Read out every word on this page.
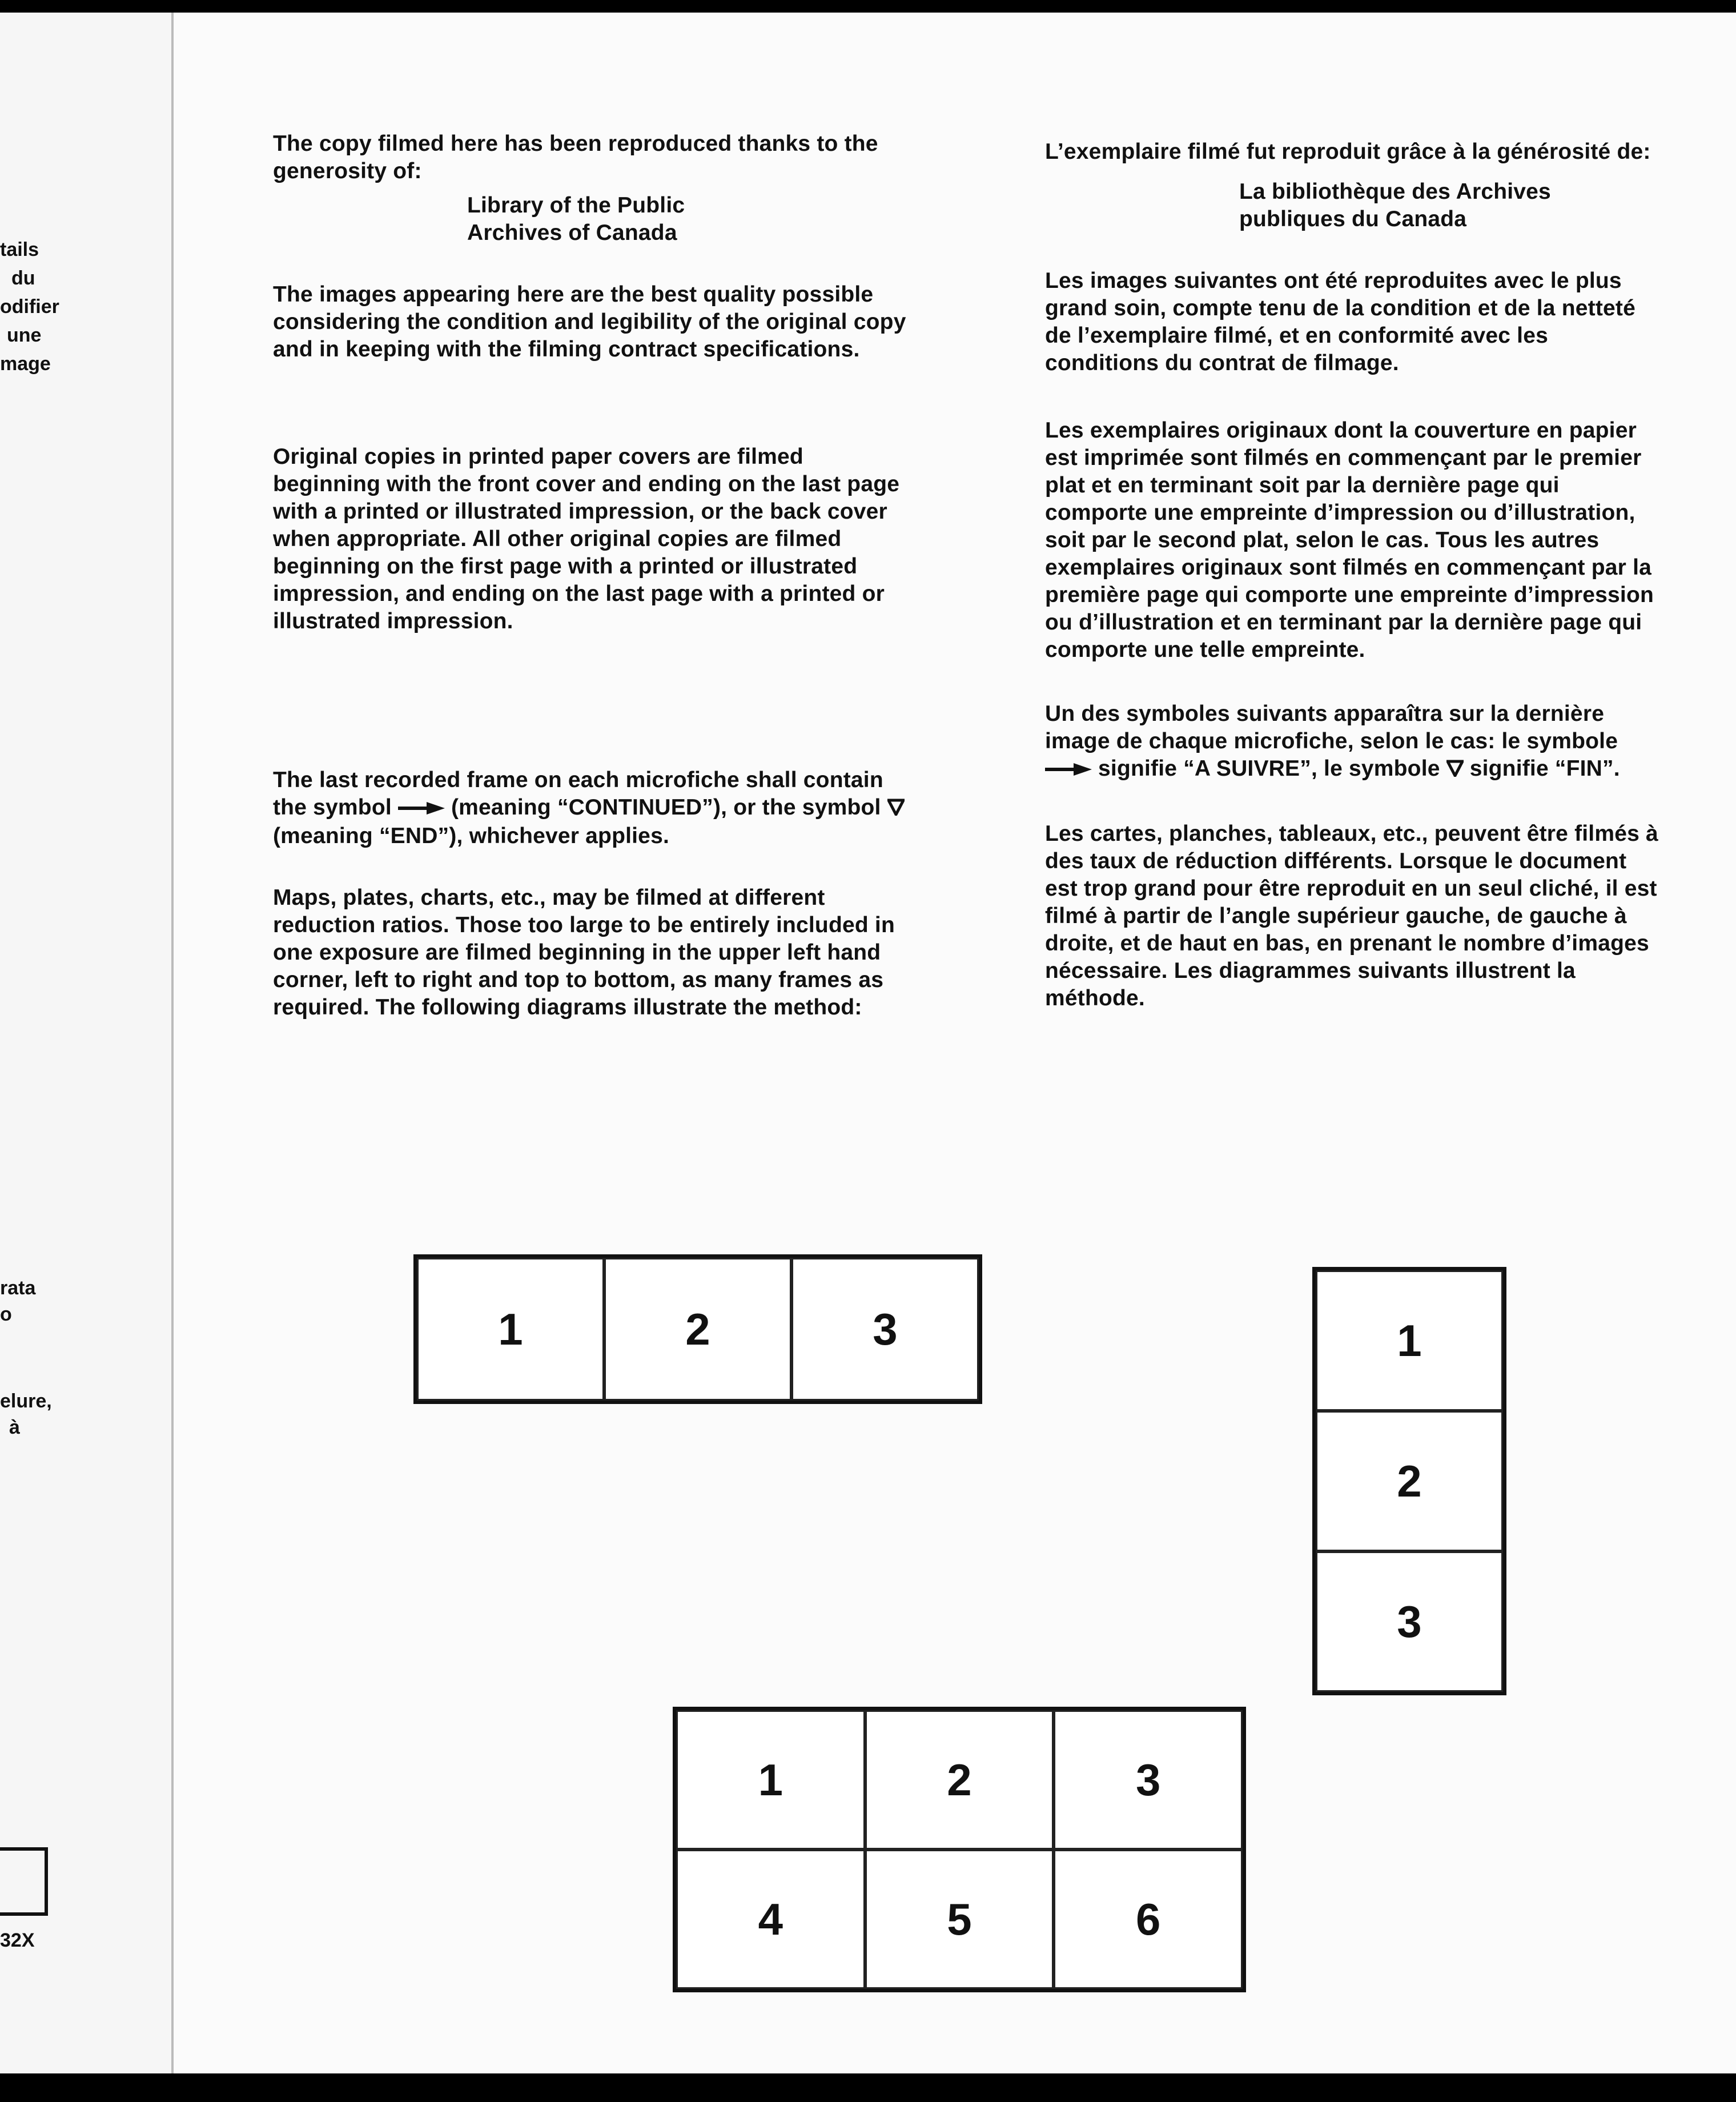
tails
du
odifier
une
mage
rata
o
elure,
à
32X

The copy filmed here has been reproduced thanks to the generosity of:

Library of the Public

Archives of Canada

The images appearing here are the best quality possible considering the condition and legibility of the original copy and in keeping with the filming contract specifications.

Original copies in printed paper covers are filmed beginning with the front cover and ending on the last page with a printed or illustrated impression, or the back cover when appropriate. All other original copies are filmed beginning on the first page with a printed or illustrated impression, and ending on the last page with a printed or illustrated impression.

The last recorded frame on each microfiche shall contain the symbol	(meaning “CONTINUED”), or the symbol  (meaning “END”), whichever applies.

Maps, plates, charts, etc., may be filmed at different reduction ratios. Those too large to be entirely included in one exposure are filmed beginning in the upper left hand corner, left to right and top to bottom, as many frames as required. The following diagrams illustrate the method:

L’exemplaire filmé fut reproduit grâce à la générosité de:

La bibliothèque des Archives

publiques du Canada

Les images suivantes ont été reproduites avec le plus grand soin, compte tenu de la condition et de la netteté de l’exemplaire filmé, et en conformité avec les conditions du contrat de filmage.

Les exemplaires originaux dont la couverture en papier est imprimée sont filmés en commençant par le premier plat et en terminant soit par la dernière page qui comporte une empreinte d’impression ou d’illustration, soit par le second plat, selon le cas. Tous les autres exemplaires originaux sont filmés en commençant par la première page qui comporte une empreinte d’impression ou d’illustration et en terminant par la dernière page qui comporte une telle empreinte.

Un des symboles suivants apparaîtra sur la dernière image de chaque microfiche, selon le cas: le symbole  signifie “A SUIVRE”, le symbole signifie “FIN”.

Les cartes, planches, tableaux, etc., peuvent être filmés à des taux de réduction différents. Lorsque le document est trop grand pour être reproduit en un seul cliché, il est filmé à partir de l’angle supérieur gauche, de gauche à droite, et de haut en bas, en prenant le nombre d’images nécessaire. Les diagrammes suivants illustrent la méthode.

1	2	3	1
2
3
1	2	3
4	5	6
